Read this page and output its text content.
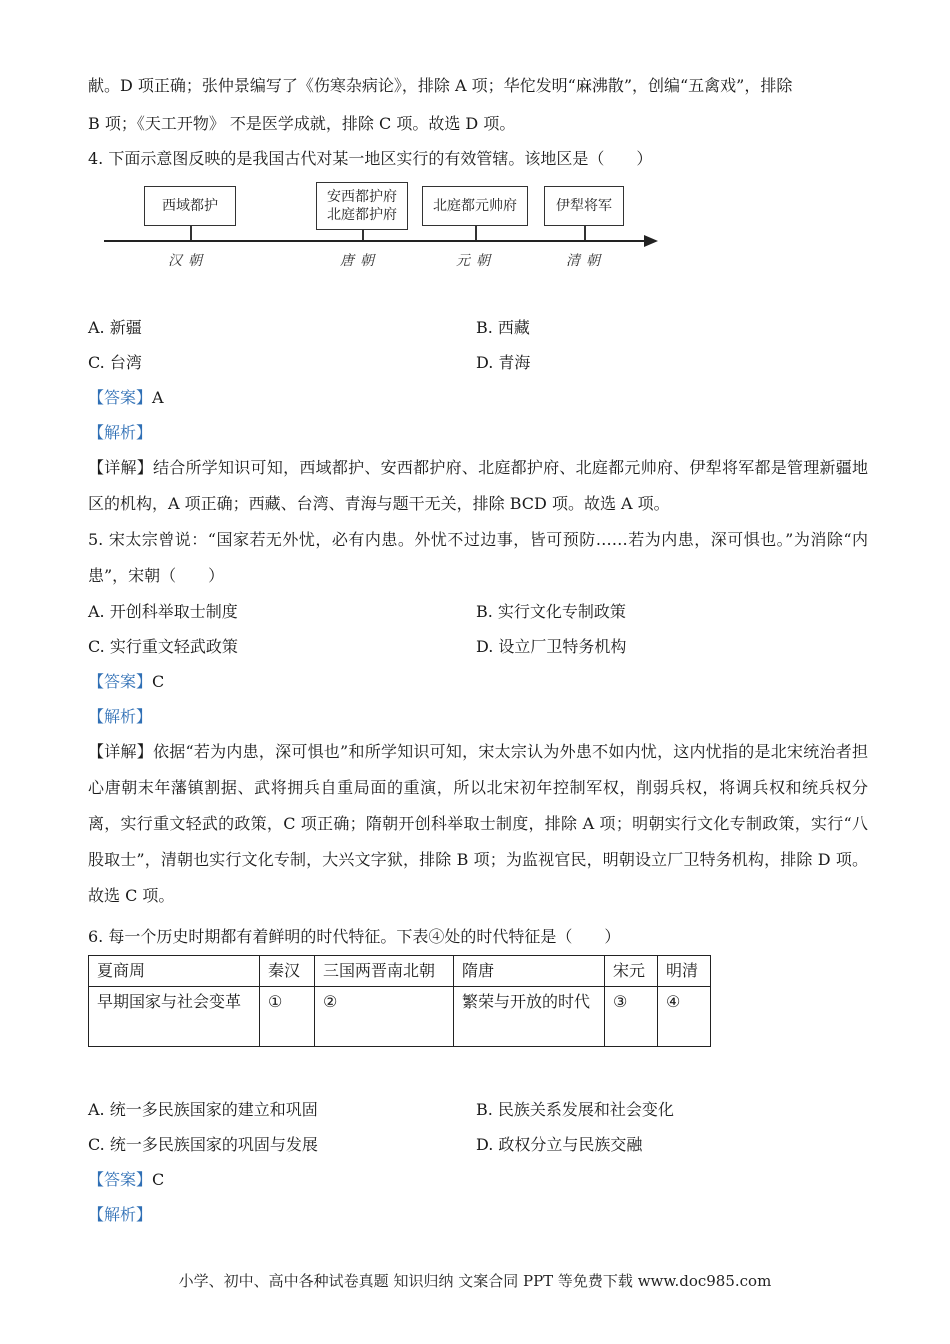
献。D 项正确；张仲景编写了《伤寒杂病论》，排除 A 项；华佗发明“麻沸散”，创编“五禽戏”，排除
B 项；《天工开物》 不是医学成就，排除 C 项。故选 D 项。
4. 下面示意图反映的是我国古代对某一地区实行的有效管辖。该地区是（　　）
西域都护
安西都护府
北庭都护府
北庭都元帅府	伊犁将军
汉朝	唐朝	元朝	清朝
A. 新疆	B. 西藏
C. 台湾	D. 青海
【答案】A
【解析】
【详解】结合所学知识可知，西域都护、安西都护府、北庭都护府、北庭都元帅府、伊犁将军都是管理新疆地区的机构，A 项正确；西藏、台湾、青海与题干无关，排除 BCD 项。故选 A 项。
5. 宋太宗曾说：“国家若无外忧，必有内患。外忧不过边事，皆可预防……若为内患，深可惧也。”为消除“内患”，宋朝（　　）
A. 开创科举取士制度	B. 实行文化专制政策
C. 实行重文轻武政策	D. 设立厂卫特务机构
【答案】C
【解析】
【详解】依据“若为内患，深可惧也”和所学知识可知，宋太宗认为外患不如内忧，这内忧指的是北宋统治者担心唐朝末年藩镇割据、武将拥兵自重局面的重演，所以北宋初年控制军权，削弱兵权，将调兵权和统兵权分离，实行重文轻武的政策，C 项正确；隋朝开创科举取士制度，排除 A 项；明朝实行文化专制政策，实行“八股取士”，清朝也实行文化专制，大兴文字狱，排除 B 项；为监视官民，明朝设立厂卫特务机构，排除 D 项。故选 C 项。
6. 每一个历史时期都有着鲜明的时代特征。下表④处的时代特征是（　　）
夏商周	秦汉	三国两晋南北朝	隋唐	宋元	明清
早期国家与社会变革	①	②	繁荣与开放的时代	③	④
A. 统一多民族国家的建立和巩固	B. 民族关系发展和社会变化
C. 统一多民族国家的巩固与发展	D. 政权分立与民族交融
【答案】C
【解析】
小学、初中、高中各种试卷真题 知识归纳 文案合同 PPT 等免费下载 www.doc985.com
